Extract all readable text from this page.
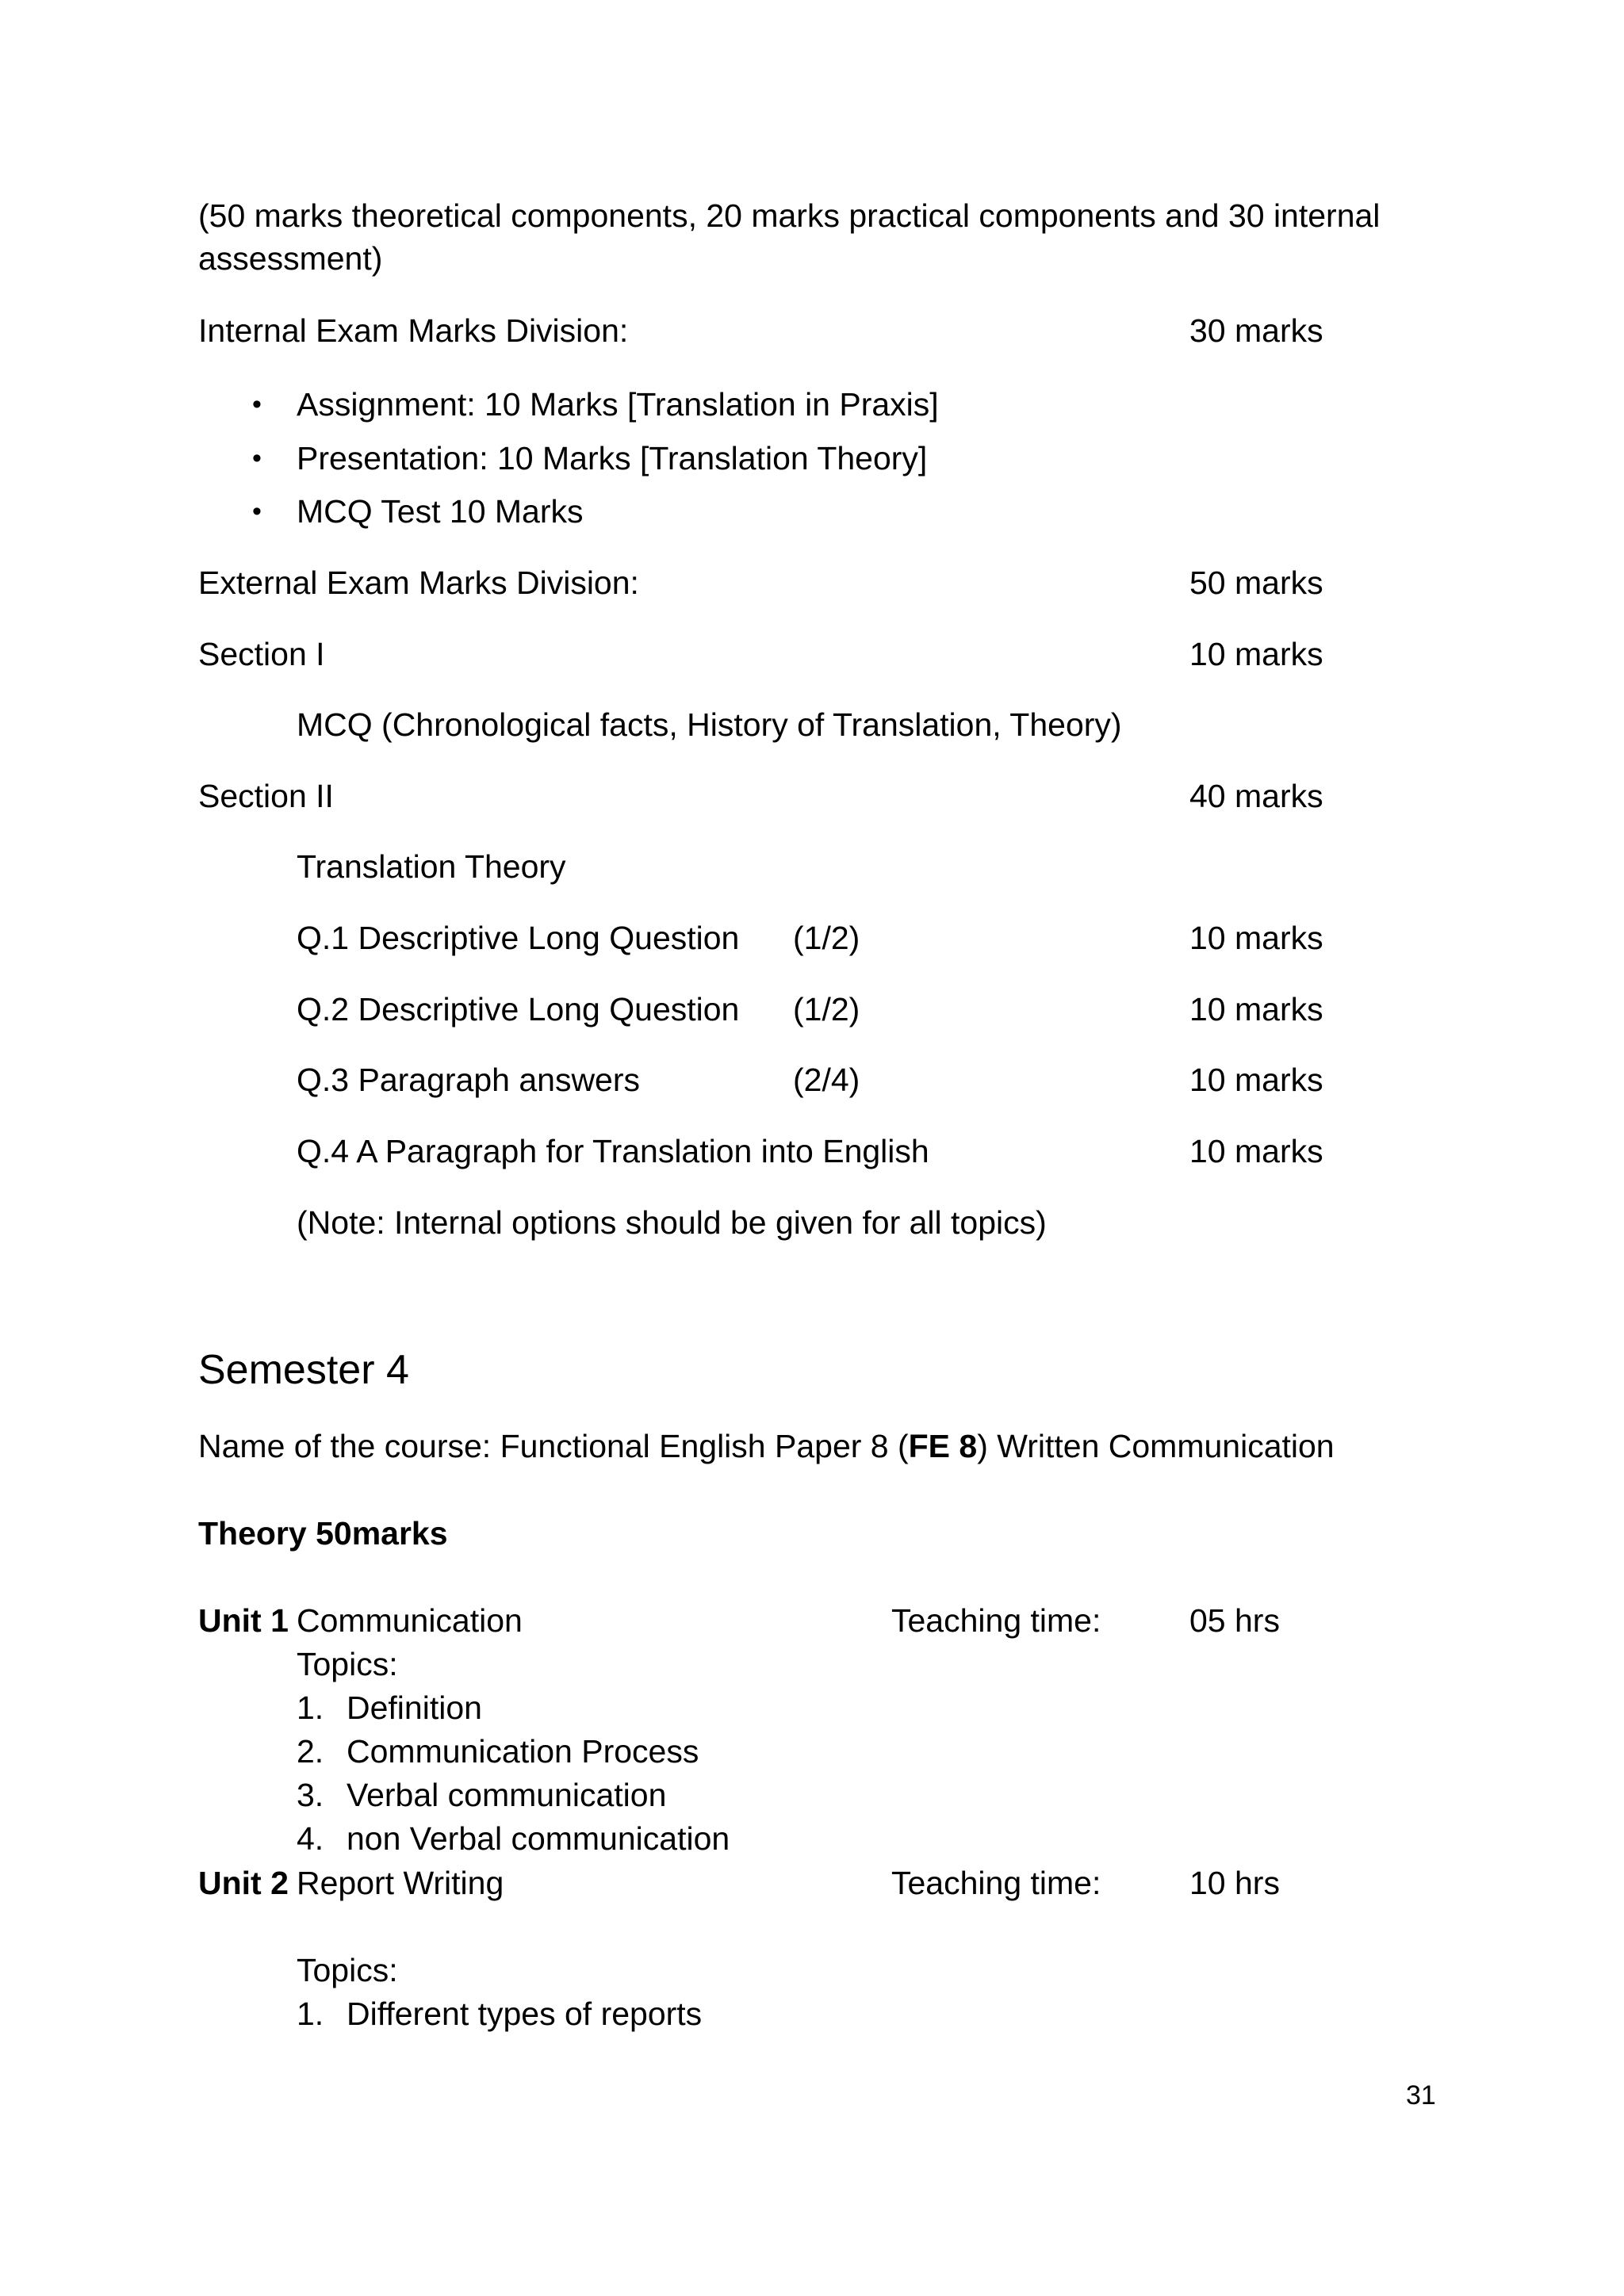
(50 marks theoretical components, 20 marks practical components and 30 internal
assessment)
Internal Exam Marks Division:	30 marks
• Assignment: 10 Marks [Translation in Praxis]
• Presentation: 10 Marks [Translation Theory]
• MCQ Test 10 Marks
External Exam Marks Division:	50 marks
Section I	10 marks
MCQ (Chronological facts, History of Translation, Theory)
Section II	40 marks
Translation Theory
Q.1 Descriptive Long Question (1/2)	10 marks
Q.2 Descriptive Long Question (1/2)	10 marks
Q.3 Paragraph answers	(2/4)	10 marks
Q.4 A Paragraph for Translation into English	10 marks
(Note: Internal options should be given for all topics)
Semester 4
Name of the course: Functional English Paper 8 (FE 8) Written Communication
Theory 50marks
Unit 1 Communication	Teaching time:	05 hrs
Topics:
1. Definition
2. Communication Process
3. Verbal communication
4. non Verbal communication
Unit 2 Report Writing	Teaching time:	10 hrs
Topics:
1. Different types of reports
31
